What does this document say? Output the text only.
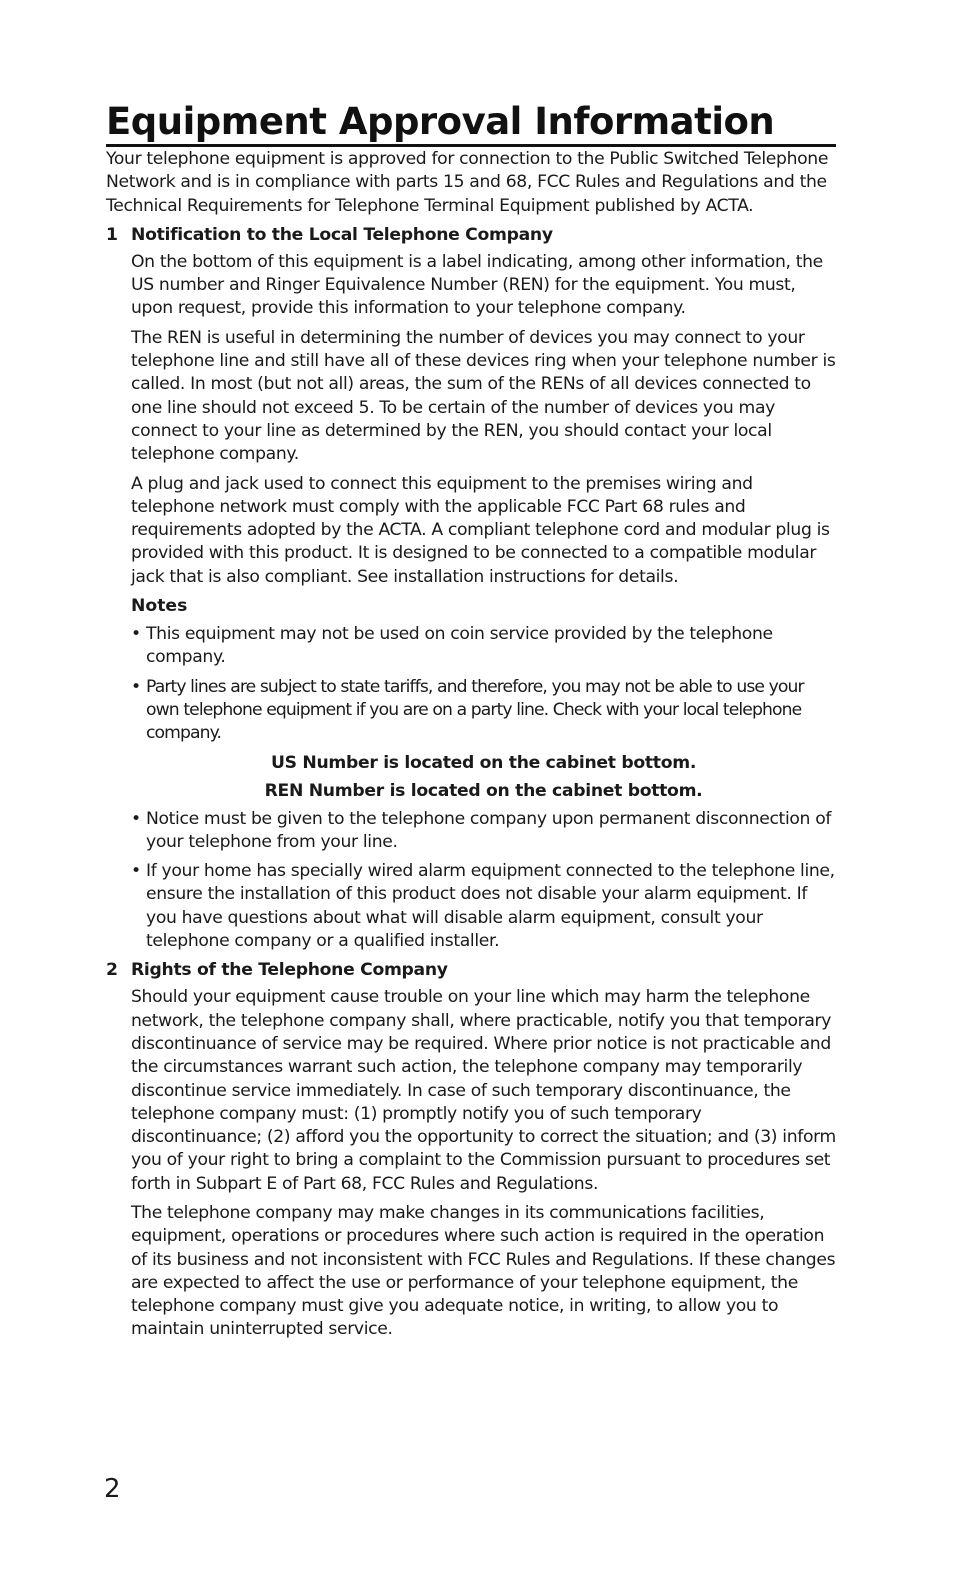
Equipment Approval Information

Your telephone equipment is approved for connection to the Public Switched Telephone Network and is in compliance with parts 15 and 68, FCC Rules and Regulations and the Technical Requirements for Telephone Terminal Equipment published by ACTA.

1 Notification to the Local Telephone Company

On the bottom of this equipment is a label indicating, among other information, the US number and Ringer Equivalence Number (REN) for the equipment. You must, upon request, provide this information to your telephone company.

The REN is useful in determining the number of devices you may connect to your telephone line and still have all of these devices ring when your telephone number is called. In most (but not all) areas, the sum of the RENs of all devices connected to one line should not exceed 5. To be certain of the number of devices you may connect to your line as determined by the REN, you should contact your local telephone company.

A plug and jack used to connect this equipment to the premises wiring and telephone network must comply with the applicable FCC Part 68 rules and requirements adopted by the ACTA. A compliant telephone cord and modular plug is provided with this product. It is designed to be connected to a compatible modular jack that is also compliant. See installation instructions for details.

Notes
• This equipment may not be used on coin service provided by the telephone company.
• Party lines are subject to state tariffs, and therefore, you may not be able to use your own telephone equipment if you are on a party line. Check with your local telephone company.
US Number is located on the cabinet bottom.
REN Number is located on the cabinet bottom.
• Notice must be given to the telephone company upon permanent disconnection of your telephone from your line.
• If your home has specially wired alarm equipment connected to the telephone line, ensure the installation of this product does not disable your alarm equipment. If you have questions about what will disable alarm equipment, consult your telephone company or a qualified installer.
2 Rights of the Telephone Company

Should your equipment cause trouble on your line which may harm the telephone network, the telephone company shall, where practicable, notify you that temporary discontinuance of service may be required. Where prior notice is not practicable and the circumstances warrant such action, the telephone company may temporarily discontinue service immediately. In case of such temporary discontinuance, the telephone company must: (1) promptly notify you of such temporary discontinuance; (2) afford you the opportunity to correct the situation; and (3) inform you of your right to bring a complaint to the Commission pursuant to procedures set forth in Subpart E of Part 68, FCC Rules and Regulations.

The telephone company may make changes in its communications facilities, equipment, operations or procedures where such action is required in the operation of its business and not inconsistent with FCC Rules and Regulations. If these changes are expected to affect the use or performance of your telephone equipment, the telephone company must give you adequate notice, in writing, to allow you to maintain uninterrupted service.

2
